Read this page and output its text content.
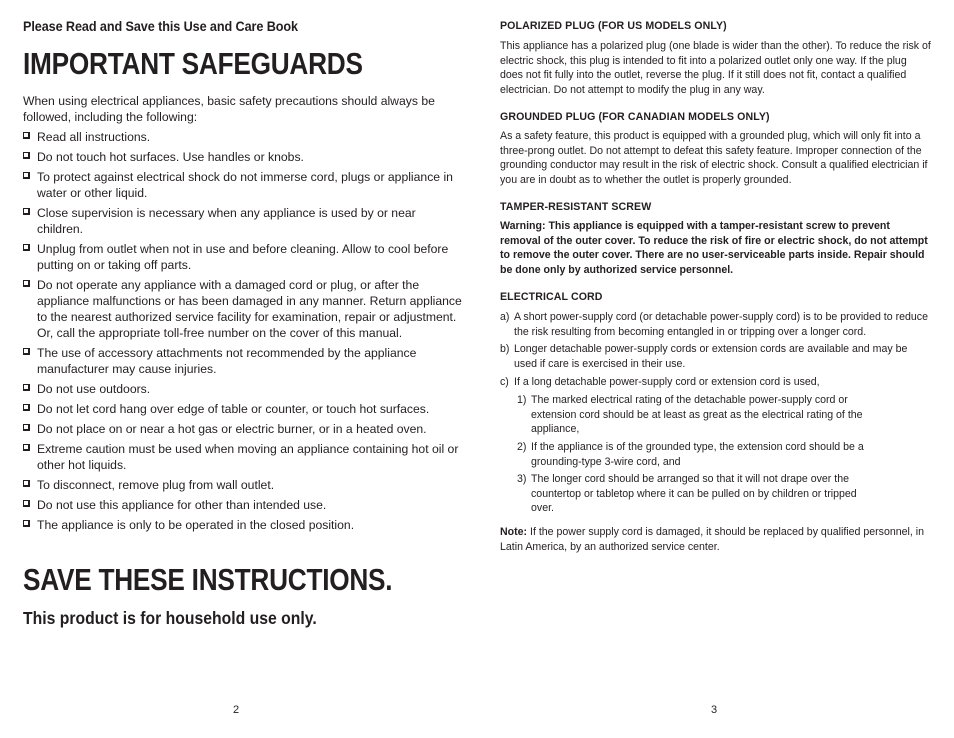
Please Read and Save this Use and Care Book
IMPORTANT SAFEGUARDS
When using electrical appliances, basic safety precautions should always be followed, including the following:
Read all instructions.
Do not touch hot surfaces. Use handles or knobs.
To protect against electrical shock do not immerse cord, plugs or appliance in water or other liquid.
Close supervision is necessary when any appliance is used by or near children.
Unplug from outlet when not in use and before cleaning. Allow to cool before putting on or taking off parts.
Do not operate any appliance with a damaged cord or plug, or after the appliance malfunctions or has been damaged in any manner. Return appliance to the nearest authorized service facility for examination, repair or adjustment. Or, call the appropriate toll-free number on the cover of this manual.
The use of accessory attachments not recommended by the appliance manufacturer may cause injuries.
Do not use outdoors.
Do not let cord hang over edge of table or counter, or touch hot surfaces.
Do not place on or near a hot gas or electric burner, or in a heated oven.
Extreme caution must be used when moving an appliance containing hot oil or other hot liquids.
To disconnect, remove plug from wall outlet.
Do not use this appliance for other than intended use.
The appliance is only to be operated in the closed position.
SAVE THESE INSTRUCTIONS.
This product is for household use only.
2
POLARIZED PLUG (FOR US MODELS ONLY)

This appliance has a polarized plug (one blade is wider than the other). To reduce the risk of electric shock, this plug is intended to fit into a polarized outlet only one way. If the plug does not fit fully into the outlet, reverse the plug. If it still does not fit, contact a qualified electrician. Do not attempt to modify the plug in any way.

GROUNDED PLUG (FOR CANADIAN MODELS ONLY)

As a safety feature, this product is equipped with a grounded plug, which will only fit into a three-prong outlet. Do not attempt to defeat this safety feature. Improper connection of the grounding conductor may result in the risk of electric shock. Consult a qualified electrician if you are in doubt as to whether the outlet is properly grounded.

TAMPER-RESISTANT SCREW

Warning: This appliance is equipped with a tamper-resistant screw to prevent removal of the outer cover. To reduce the risk of fire or electric shock, do not attempt to remove the outer cover. There are no user-serviceable parts inside. Repair should be done only by authorized service personnel.

ELECTRICAL CORD
a) A short power-supply cord (or detachable power-supply cord) is to be provided to reduce the risk resulting from becoming entangled in or tripping over a longer cord.
b) Longer detachable power-supply cords or extension cords are available and may be used if care is exercised in their use.
c) If a long detachable power-supply cord or extension cord is used,
1) The marked electrical rating of the detachable power-supply cord or extension cord should be at least as great as the electrical rating of the appliance,
2) If the appliance is of the grounded type, the extension cord should be a grounding-type 3-wire cord, and
3) The longer cord should be arranged so that it will not drape over the countertop or tabletop where it can be pulled on by children or tripped over.

Note: If the power supply cord is damaged, it should be replaced by qualified personnel, in Latin America, by an authorized service center.

3
